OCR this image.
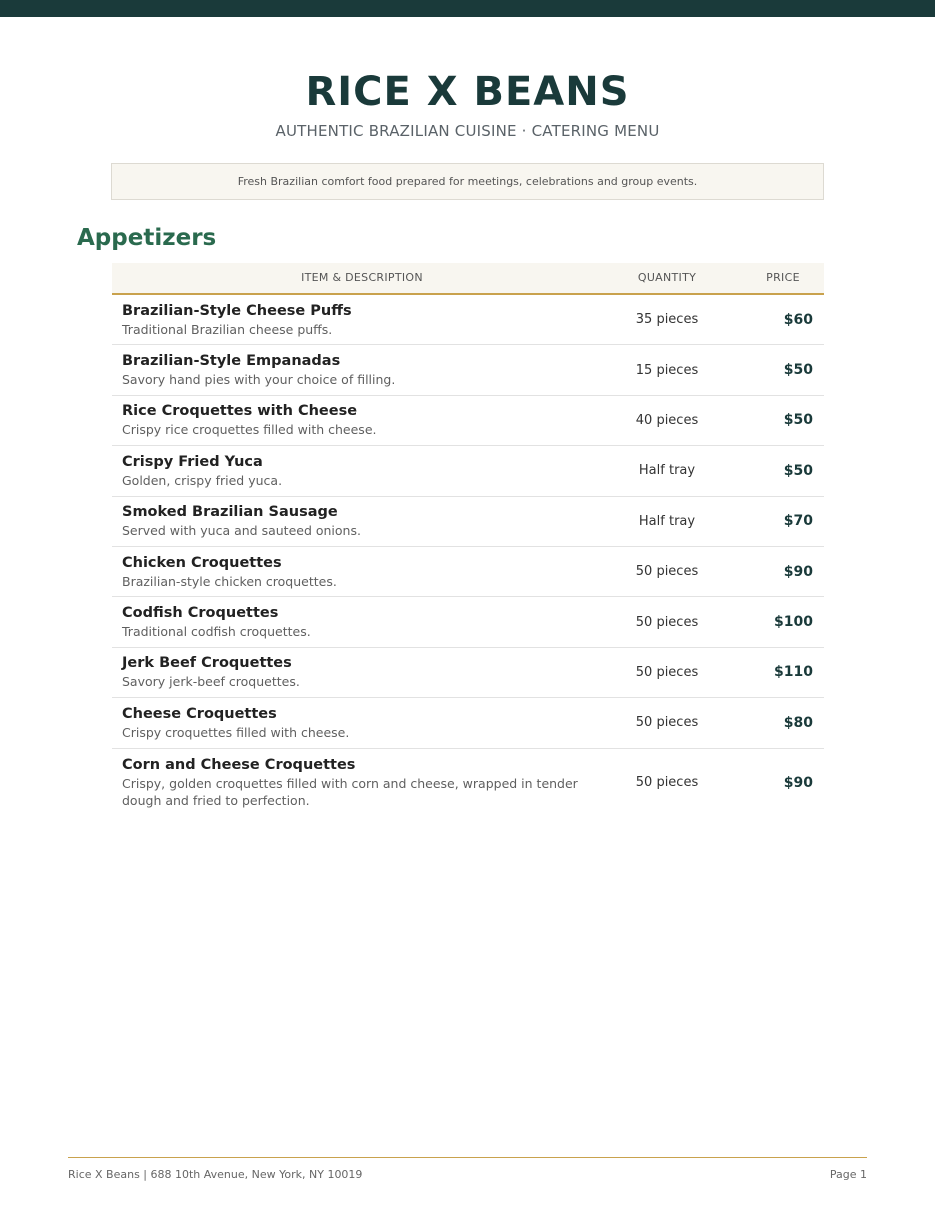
RICE X BEANS
AUTHENTIC BRAZILIAN CUISINE · CATERING MENU
Fresh Brazilian comfort food prepared for meetings, celebrations and group events.
Appetizers
ITEM & DESCRIPTION	QUANTITY	PRICE
Brazilian-Style Cheese Puffs
Traditional Brazilian cheese puffs.
35 pieces	$60
Brazilian-Style Empanadas
Savory hand pies with your choice of filling.
15 pieces	$50
Rice Croquettes with Cheese
Crispy rice croquettes filled with cheese.
40 pieces	$50
Crispy Fried Yuca
Golden, crispy fried yuca.
Half tray	$50
Smoked Brazilian Sausage
Served with yuca and sauteed onions.
Half tray	$70
Chicken Croquettes
Brazilian-style chicken croquettes.
50 pieces	$90
Codfish Croquettes
Traditional codfish croquettes.
50 pieces	$100
Jerk Beef Croquettes
Savory jerk-beef croquettes.
50 pieces	$110
Cheese Croquettes
Crispy croquettes filled with cheese.
50 pieces	$80
Corn and Cheese Croquettes
Crispy, golden croquettes filled with corn and cheese, wrapped in tender dough and fried to perfection.
50 pieces	$90
Rice X Beans | 688 10th Avenue, New York, NY 10019	Page 1
